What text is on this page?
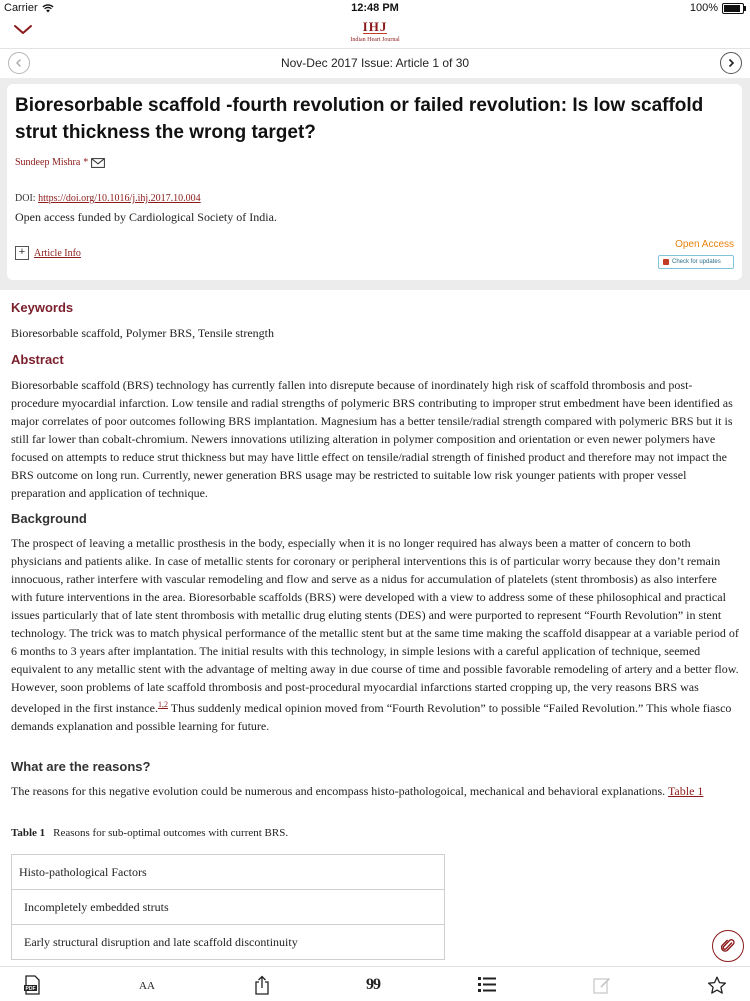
Carrier	12:48 PM	100%
IHJ
Indian Heart Journal
Nov-Dec 2017 Issue: Article 1 of 30
Bioresorbable scaffold -fourth revolution or failed revolution: Is low scaffold strut thickness the wrong target?
Sundeep Mishra *
DOI: https://doi.org/10.1016/j.ihj.2017.10.004
Open access funded by Cardiological Society of India.
+ Article Info
Open Access
Check for updates
Keywords

Bioresorbable scaffold, Polymer BRS, Tensile strength

Abstract

Bioresorbable scaffold (BRS) technology has currently fallen into disrepute because of inordinately high risk of scaffold thrombosis and post-procedure myocardial infarction. Low tensile and radial strengths of polymeric BRS contributing to improper strut embedment have been identified as major correlates of poor outcomes following BRS implantation. Magnesium has a better tensile/radial strength compared with polymeric BRS but it is still far lower than cobalt-chromium. Newers innovations utilizing alteration in polymer composition and orientation or even newer polymers have focused on attempts to reduce strut thickness but may have little effect on tensile/radial strength of finished product and therefore may not impact the BRS outcome on long run. Currently, newer generation BRS usage may be restricted to suitable low risk younger patients with proper vessel preparation and application of technique.

Background

The prospect of leaving a metallic prosthesis in the body, especially when it is no longer required has always been a matter of concern to both physicians and patients alike. In case of metallic stents for coronary or peripheral interventions this is of particular worry because they don’t remain innocuous, rather interfere with vascular remodeling and flow and serve as a nidus for accumulation of platelets (stent thrombosis) as also interfere with future interventions in the area. Bioresorbable scaffolds (BRS) were developed with a view to address some of these philosophical and practical issues particularly that of late stent thrombosis with metallic drug eluting stents (DES) and were purported to represent “Fourth Revolution” in stent technology. The trick was to match physical performance of the metallic stent but at the same time making the scaffold disappear at a variable period of 6 months to 3 years after implantation. The initial results with this technology, in simple lesions with a careful application of technique, seemed equivalent to any metallic stent with the advantage of melting away in due course of time and possible favorable remodeling of artery and a better flow. However, soon problems of late scaffold thrombosis and post-procedural myocardial infarctions started cropping up, the very reasons BRS was developed in the first instance.$^{1,2}$ Thus suddenly medical opinion moved from “Fourth Revolution” to possible “Failed Revolution.” This whole fiasco demands explanation and possible learning for future.

What are the reasons?

The reasons for this negative evolution could be numerous and encompass histo-pathologoical, mechanical and behavioral explanations. Table 1

Table 1 Reasons for sub-optimal outcomes with current BRS.
Histo-pathological Factors
Incompletely embedded struts
Early structural disruption and late scaffold discontinuity
PDF	AA	99
